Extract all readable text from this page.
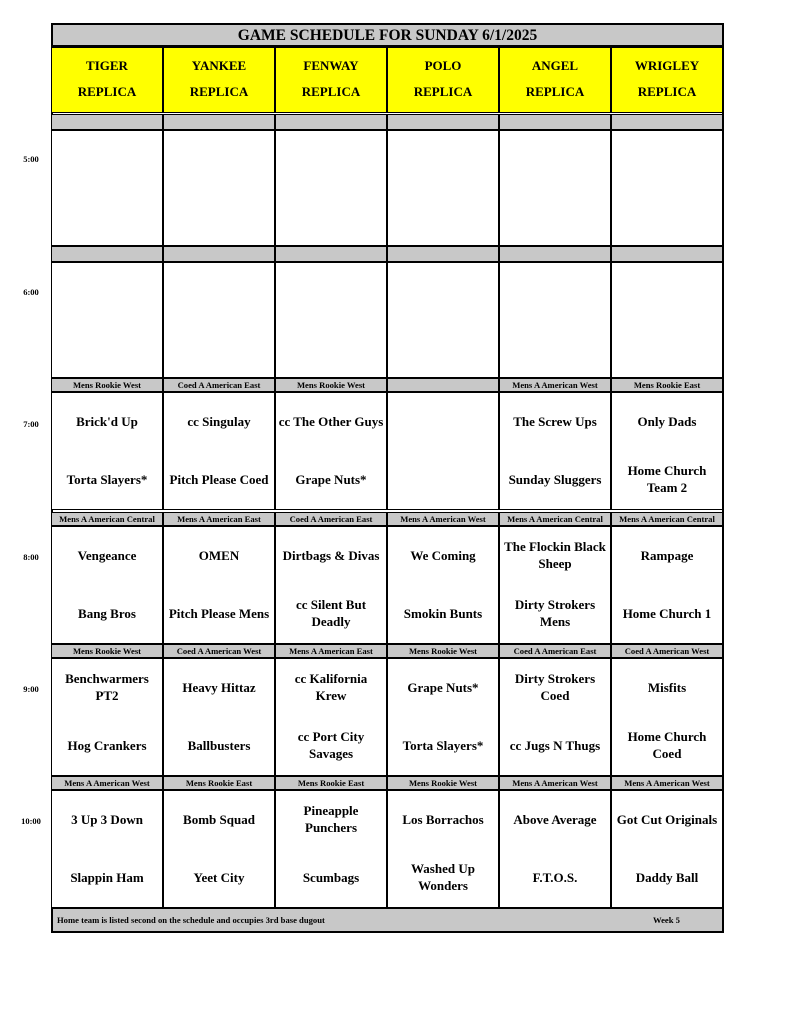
GAME SCHEDULE FOR SUNDAY 6/1/2025
TIGER
REPLICA
YANKEE
REPLICA
FENWAY
REPLICA
POLO
REPLICA
ANGEL
REPLICA
WRIGLEY
REPLICA
Mens Rookie West
Brick'd Up
Torta Slayers*
Coed A American East
cc Singulay
Pitch Please Coed
Mens Rookie West
cc The Other Guys
Grape Nuts*
Mens A American West
The Screw Ups
Sunday Sluggers
Mens Rookie East
Only Dads
Home Church Team 2
Mens A American Central
Vengeance
Bang Bros
Mens A American East
OMEN
Pitch Please Mens
Coed A American East
Dirtbags & Divas
cc Silent But Deadly
Mens A American West
We Coming
Smokin Bunts
Mens A American Central
The Flockin Black Sheep
Dirty Strokers Mens
Mens A American Central
Rampage
Home Church 1
Mens Rookie West
Benchwarmers PT2
Hog Crankers
Coed A American West
Heavy Hittaz
Ballbusters
Mens A American East
cc Kalifornia Krew
cc Port City Savages
Mens Rookie West
Grape Nuts*
Torta Slayers*
Coed A American East
Dirty Strokers Coed
cc Jugs N Thugs
Coed A American West
Misfits
Home Church Coed
Mens A American West
3 Up 3 Down
Slappin Ham
Mens Rookie East
Bomb Squad
Yeet City
Mens Rookie East
Pineapple Punchers
Scumbags
Mens Rookie West
Los Borrachos
Washed Up Wonders
Mens A American West
Above Average
F.T.O.S.
Mens A American West
Got Cut Originals
Daddy Ball
5:00
6:00
7:00
8:00
9:00
10:00
Home team is listed second on the schedule and occupies 3rd base dugout	Week 5
